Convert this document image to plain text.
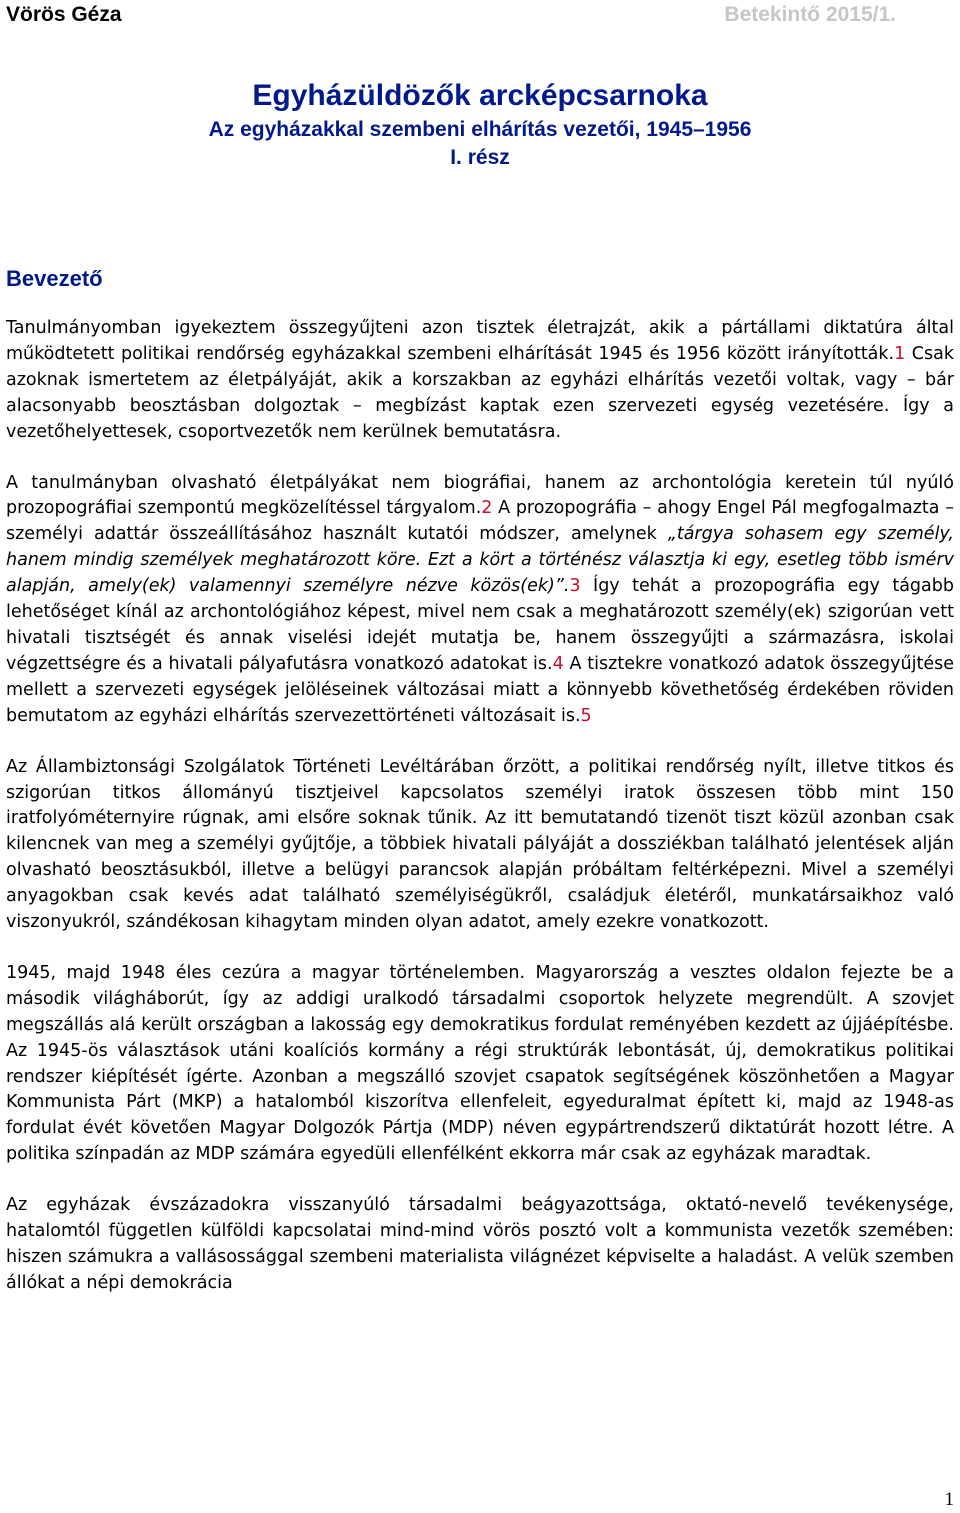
Vörös Géza	Betekintő 2015/1.
Egyházüldözők arcképcsarnoka
Az egyházakkal szembeni elhárítás vezetői, 1945–1956
I. rész
Bevezető

Tanulmányomban igyekeztem összegyűjteni azon tisztek életrajzát, akik a pártállami diktatúra által működtetett politikai rendőrség egyházakkal szembeni elhárítását 1945 és 1956 között irányították.1 Csak azoknak ismertetem az életpályáját, akik a korszakban az egyházi elhárítás vezetői voltak, vagy – bár alacsonyabb beosztásban dolgoztak – megbízást kaptak ezen szervezeti egység vezetésére. Így a vezetőhelyettesek, csoportvezetők nem kerülnek bemutatásra.

A tanulmányban olvasható életpályákat nem biográfiai, hanem az archontológia keretein túl nyúló prozopográfiai szempontú megközelítéssel tárgyalom.2 A prozopográfia – ahogy Engel Pál megfogalmazta – személyi adattár összeállításához használt kutatói módszer, amelynek „tárgya sohasem egy személy, hanem mindig személyek meghatározott köre. Ezt a kört a történész választja ki egy, esetleg több ismérv alapján, amely(ek) valamennyi személyre nézve közös(ek)”.3 Így tehát a prozopográfia egy tágabb lehetőséget kínál az archontológiához képest, mivel nem csak a meghatározott személy(ek) szigorúan vett hivatali tisztségét és annak viselési idejét mutatja be, hanem összegyűjti a származásra, iskolai végzettségre és a hivatali pályafutásra vonatkozó adatokat is.4 A tisztekre vonatkozó adatok összegyűjtése mellett a szervezeti egységek jelöléseinek változásai miatt a könnyebb követhetőség érdekében röviden bemutatom az egyházi elhárítás szervezettörténeti változásait is.5

Az Állambiztonsági Szolgálatok Történeti Levéltárában őrzött, a politikai rendőrség nyílt, illetve titkos és szigorúan titkos állományú tisztjeivel kapcsolatos személyi iratok összesen több mint 150 iratfolyóméternyire rúgnak, ami elsőre soknak tűnik. Az itt bemutatandó tizenöt tiszt közül azonban csak kilencnek van meg a személyi gyűjtője, a többiek hivatali pályáját a dossziékban található jelentések alján olvasható beosztásukból, illetve a belügyi parancsok alapján próbáltam feltérképezni. Mivel a személyi anyagokban csak kevés adat található személyiségükről, családjuk életéről, munkatársaikhoz való viszonyukról, szándékosan kihagytam minden olyan adatot, amely ezekre vonatkozott.

1945, majd 1948 éles cezúra a magyar történelemben. Magyarország a vesztes oldalon fejezte be a második világháborút, így az addigi uralkodó társadalmi csoportok helyzete megrendült. A szovjet megszállás alá került országban a lakosság egy demokratikus fordulat reményében kezdett az újjáépítésbe. Az 1945-ös választások utáni koalíciós kormány a régi struktúrák lebontását, új, demokratikus politikai rendszer kiépítését ígérte. Azonban a megszálló szovjet csapatok segítségének köszönhetően a Magyar Kommunista Párt (MKP) a hatalomból kiszorítva ellenfeleit, egyeduralmat épített ki, majd az 1948-as fordulat évét követően Magyar Dolgozók Pártja (MDP) néven egypártrendszerű diktatúrát hozott létre. A politika színpadán az MDP számára egyedüli ellenfélként ekkorra már csak az egyházak maradtak.

Az egyházak évszázadokra visszanyúló társadalmi beágyazottsága, oktató-nevelő tevékenysége, hatalomtól független külföldi kapcsolatai mind-mind vörös posztó volt a kommunista vezetők szemében: hiszen számukra a vallásossággal szembeni materialista világnézet képviselte a haladást. A velük szemben állókat a népi demokrácia

1
